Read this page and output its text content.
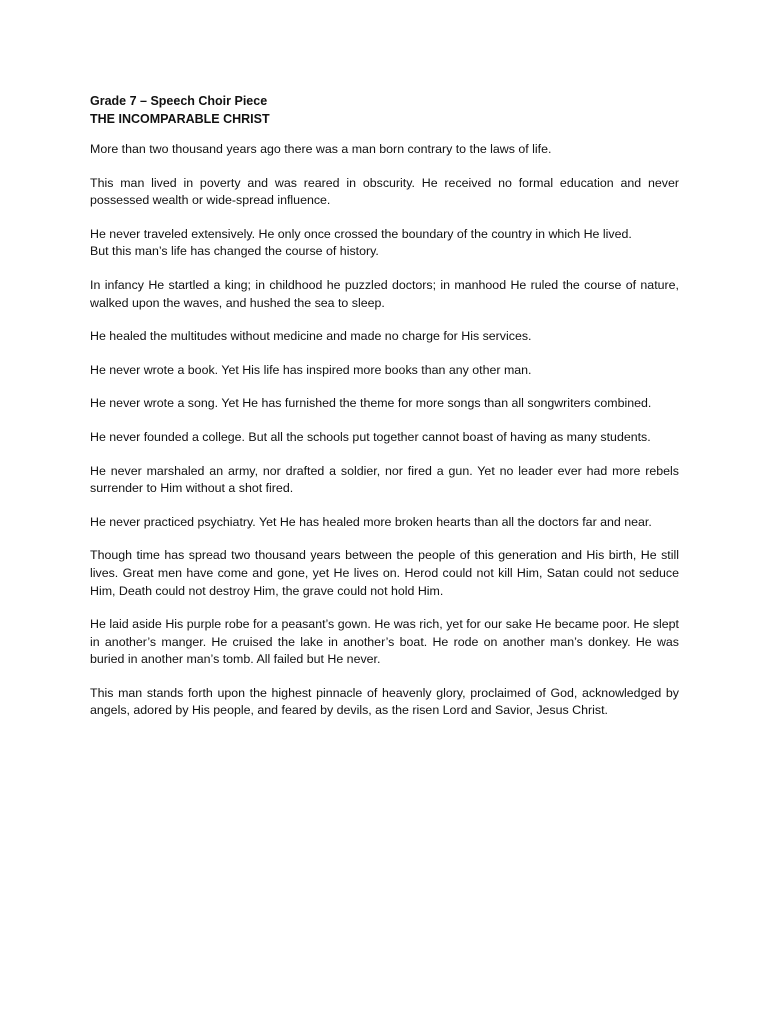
Grade 7 – Speech Choir Piece
THE INCOMPARABLE CHRIST

More than two thousand years ago there was a man born contrary to the laws of life.

This man lived in poverty and was reared in obscurity. He received no formal education and never possessed wealth or wide-spread influence.

He never traveled extensively. He only once crossed the boundary of the country in which He lived.
But this man’s life has changed the course of history.

In infancy He startled a king; in childhood he puzzled doctors; in manhood He ruled the course of nature, walked upon the waves, and hushed the sea to sleep.

He healed the multitudes without medicine and made no charge for His services.

He never wrote a book. Yet His life has inspired more books than any other man.

He never wrote a song. Yet He has furnished the theme for more songs than all songwriters combined.

He never founded a college. But all the schools put together cannot boast of having as many students.

He never marshaled an army, nor drafted a soldier, nor fired a gun. Yet no leader ever had more rebels surrender to Him without a shot fired.

He never practiced psychiatry. Yet He has healed more broken hearts than all the doctors far and near.

Though time has spread two thousand years between the people of this generation and His birth, He still lives. Great men have come and gone, yet He lives on. Herod could not kill Him, Satan could not seduce Him, Death could not destroy Him, the grave could not hold Him.

He laid aside His purple robe for a peasant’s gown. He was rich, yet for our sake He became poor. He slept in another’s manger. He cruised the lake in another’s boat. He rode on another man’s donkey. He was buried in another man’s tomb. All failed but He never.

This man stands forth upon the highest pinnacle of heavenly glory, proclaimed of God, acknowledged by angels, adored by His people, and feared by devils, as the risen Lord and Savior, Jesus Christ.
